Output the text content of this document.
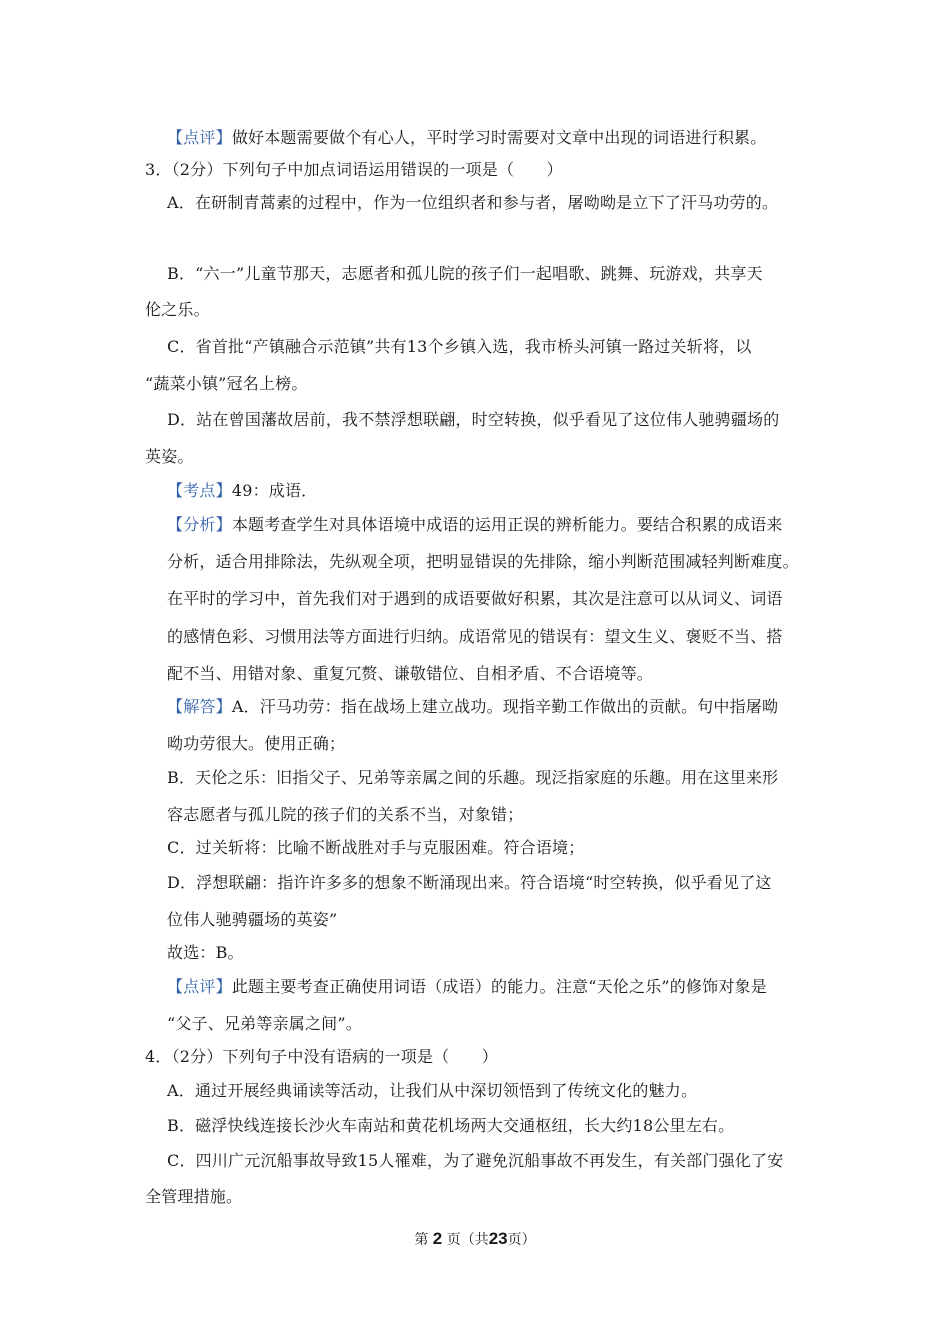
【点评】做好本题需要做个有心人，平时学习时需要对文章中出现的词语进行积累。
3．（2分）下列句子中加点词语运用错误的一项是（　　）
A．在研制青蒿素的过程中，作为一位组织者和参与者，屠呦呦是立下了汗马功劳的。
B．“六一”儿童节那天，志愿者和孤儿院的孩子们一起唱歌、跳舞、玩游戏，共享天
伦之乐。
C．省首批“产镇融合示范镇”共有13个乡镇入选，我市桥头河镇一路过关斩将，以
“蔬菜小镇”冠名上榜。
D．站在曾国藩故居前，我不禁浮想联翩，时空转换，似乎看见了这位伟人驰骋疆场的
英姿。
【考点】49：成语．
【分析】本题考查学生对具体语境中成语的运用正误的辨析能力。要结合积累的成语来
分析，适合用排除法，先纵观全项，把明显错误的先排除，缩小判断范围减轻判断难度。
在平时的学习中，首先我们对于遇到的成语要做好积累，其次是注意可以从词义、词语
的感情色彩、习惯用法等方面进行归纳。成语常见的错误有：望文生义、褒贬不当、搭
配不当、用错对象、重复冗赘、谦敬错位、自相矛盾、不合语境等。
【解答】A．汗马功劳：指在战场上建立战功。现指辛勤工作做出的贡献。句中指屠呦
呦功劳很大。使用正确；
B．天伦之乐：旧指父子、兄弟等亲属之间的乐趣。现泛指家庭的乐趣。用在这里来形
容志愿者与孤儿院的孩子们的关系不当，对象错；
C．过关斩将：比喻不断战胜对手与克服困难。符合语境；
D．浮想联翩：指许许多多的想象不断涌现出来。符合语境“时空转换，似乎看见了这
位伟人驰骋疆场的英姿”
故选：B。
【点评】此题主要考查正确使用词语（成语）的能力。注意“天伦之乐”的修饰对象是
“父子、兄弟等亲属之间”。
4．（2分）下列句子中没有语病的一项是（　　）
A．通过开展经典诵读等活动，让我们从中深切领悟到了传统文化的魅力。
B．磁浮快线连接长沙火车南站和黄花机场两大交通枢纽，长大约18公里左右。
C．四川广元沉船事故导致15人罹难，为了避免沉船事故不再发生，有关部门强化了安
全管理措施。
第 2 页（共23页）
